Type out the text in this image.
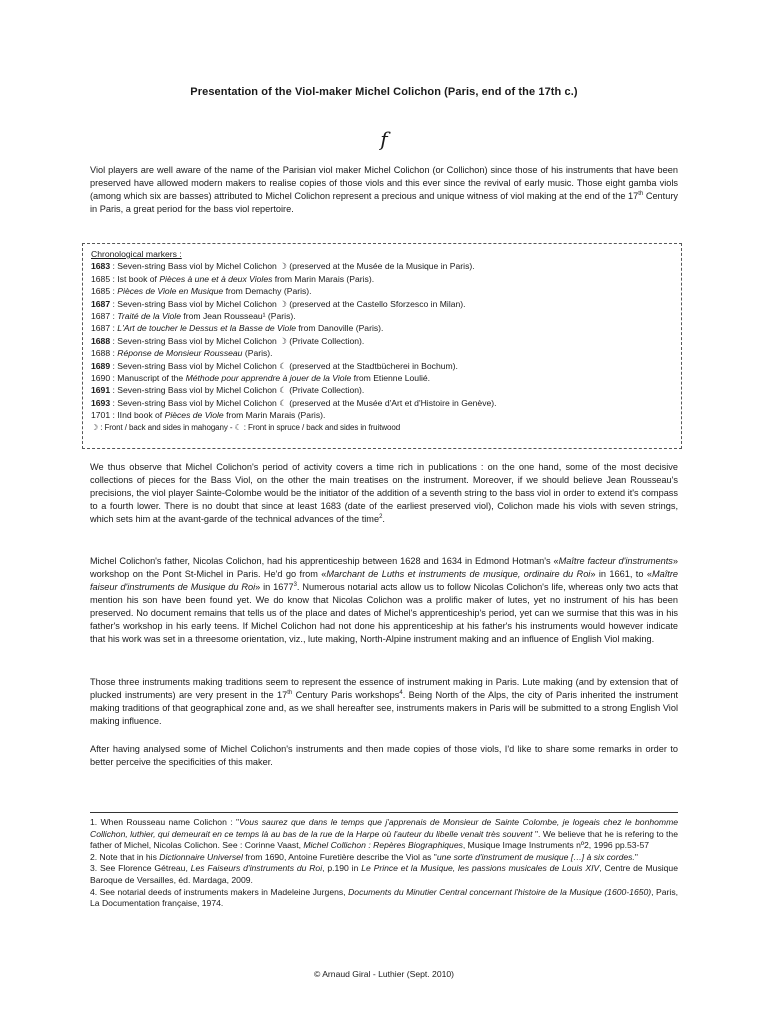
Presentation of the Viol-maker Michel Colichon (Paris, end of the 17th c.)
f

Viol players are well aware of the name of the Parisian viol maker Michel Colichon (or Collichon) since those of his instruments that have been preserved have allowed modern makers to realise copies of those viols and this ever since the revival of early music. Those eight gamba viols (among which six are basses) attributed to Michel Colichon represent a precious and unique witness of viol making at the end of the 17th Century in Paris, a great period for the bass viol repertoire.

Chronological markers :
1683 : Seven-string Bass viol by Michel Colichon ☽ (preserved at the Musée de la Musique in Paris).
1685 : Ist book of Pièces à une et à deux Violes from Marin Marais (Paris).
1685 : Pièces de Viole en Musique from Demachy (Paris).
1687 : Seven-string Bass viol by Michel Colichon ☽ (preserved at the Castello Sforzesco in Milan).
1687 : Traité de la Viole from Jean Rousseau¹ (Paris).
1687 : L'Art de toucher le Dessus et la Basse de Viole from Danoville (Paris).
1688 : Seven-string Bass viol by Michel Colichon ☽ (Private Collection).
1688 : Réponse de Monsieur Rousseau (Paris).
1689 : Seven-string Bass viol by Michel Colichon ☾ (preserved at the Stadtbücherei in Bochum).
1690 : Manuscript of the Méthode pour apprendre à jouer de la Viole from Etienne Loulié.
1691 : Seven-string Bass viol by Michel Colichon ☾ (Private Collection).
1693 : Seven-string Bass viol by Michel Colichon ☾ (preserved at the Musée d'Art et d'Histoire in Genève).
1701 : IInd book of Pièces de Viole from Marin Marais (Paris).
☽ : Front / back and sides in mahogany - ☾ : Front in spruce / back and sides in fruitwood

We thus observe that Michel Colichon's period of activity covers a time rich in publications : on the one hand, some of the most decisive collections of pieces for the Bass Viol, on the other the main treatises on the instrument. Moreover, if we should believe Jean Rousseau's precisions, the viol player Sainte-Colombe would be the initiator of the addition of a seventh string to the bass viol in order to extend it's compass to a fourth lower. There is no doubt that since at least 1683 (date of the earliest preserved viol), Colichon made his viols with seven strings, which sets him at the avant-garde of the technical advances of the time$^2$.

Michel Colichon's father, Nicolas Colichon, had his apprenticeship between 1628 and 1634 in Edmond Hotman's «Maître facteur d'instruments» workshop on the Pont St-Michel in Paris. He'd go from «Marchant de Luths et instruments de musique, ordinaire du Roi» in 1661, to «Maître faiseur d'instruments de Musique du Roi» in 1677$^3$. Numerous notarial acts allow us to follow Nicolas Colichon's life, whereas only two acts that mention his son have been found yet. We do know that Nicolas Colichon was a prolific maker of lutes, yet no instrument of his has been preserved. No document remains that tells us of the place and dates of Michel's apprenticeship's period, yet can we surmise that this was in his father's workshop in his early teens. If Michel Colichon had not done his apprenticeship at his father's his instruments would however indicate that his work was set in a threesome orientation, viz., lute making, North-Alpine instrument making and an influence of English Viol making.

Those three instruments making traditions seem to represent the essence of instrument making in Paris. Lute making (and by extension that of plucked instruments) are very present in the 17th Century Paris workshops$^4$. Being North of the Alps, the city of Paris inherited the instrument making traditions of that geographical zone and, as we shall hereafter see, instruments makers in Paris will be submitted to a strong English Viol making influence.

After having analysed some of Michel Colichon's instruments and then made copies of those viols, I'd like to share some remarks in order to better perceive the specificities of this maker.

1. When Rousseau name Colichon : "Vous saurez que dans le temps que j'apprenais de Monsieur de Sainte Colombe, je logeais chez le bonhomme Collichon, luthier, qui demeurait en ce temps là au bas de la rue de la Harpe où l'auteur du libelle venait très souvent ". We believe that he is refering to the father of Michel, Nicolas Colichon. See : Corinne Vaast, Michel Collichon : Repères Biographiques, Musique Image Instruments nº2, 1996 pp.53-57

2. Note that in his Dictionnaire Universel from 1690, Antoine Furetière describe the Viol as "une sorte d'instrument de musique […] à six cordes."

3. See Florence Gétreau, Les Faiseurs d'instruments du Roi, p.190 in Le Prince et la Musique, les passions musicales de Louis XIV, Centre de Musique Baroque de Versailles, éd. Mardaga, 2009.

4. See notarial deeds of instruments makers in Madeleine Jurgens, Documents du Minutier Central concernant l'histoire de la Musique (1600-1650), Paris, La Documentation française, 1974.

© Arnaud Giral - Luthier (Sept. 2010)
